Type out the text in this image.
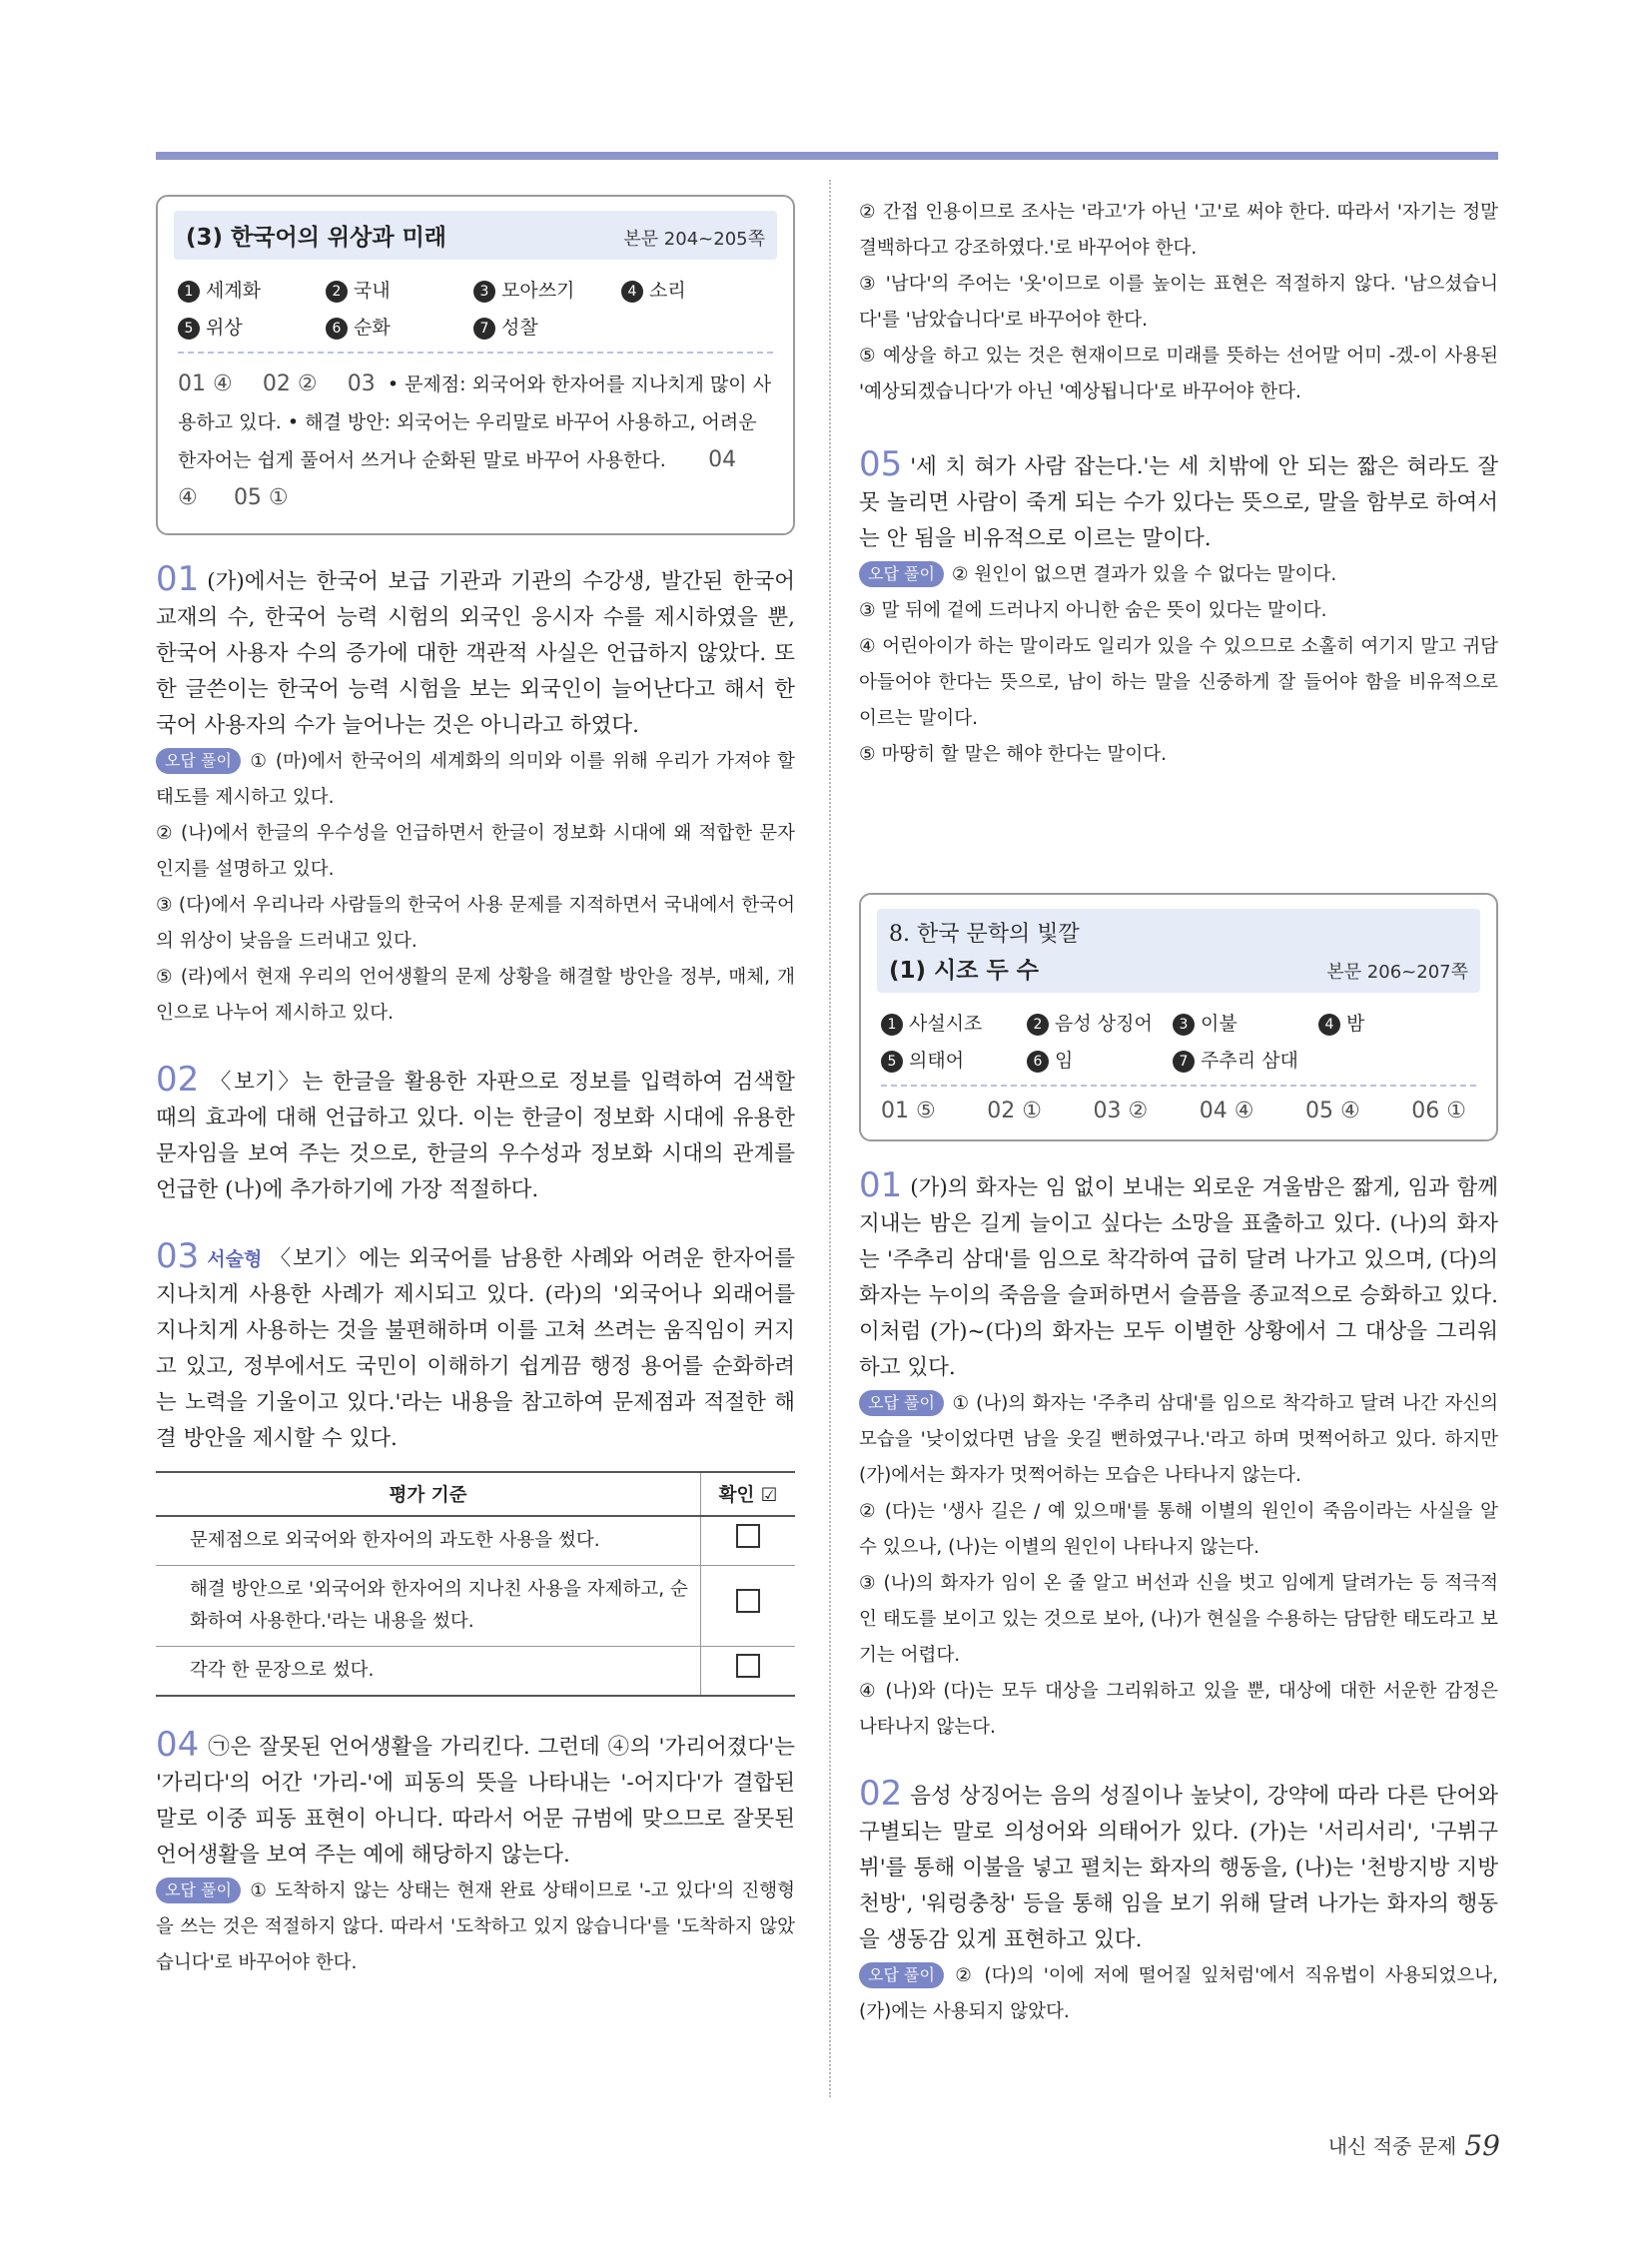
(3) 한국어의 위상과 미래	본문 204~205쪽
1 세계화	2 국내	3 모아쓰기	4 소리
5 위상	6 순화	7 성찰
01 ④ 02 ② 03 • 문제점: 외국어와 한자어를 지나치게 많이 사용하고 있다. • 해결 방안: 외국어는 우리말로 바꾸어 사용하고, 어려운 한자어는 쉽게 풀어서 쓰거나 순화된 말로 바꾸어 사용한다. 04 ④ 05 ①
01 (가)에서는 한국어 보급 기관과 기관의 수강생, 발간된 한국어 교재의 수, 한국어 능력 시험의 외국인 응시자 수를 제시하였을 뿐, 한국어 사용자 수의 증가에 대한 객관적 사실은 언급하지 않았다. 또한 글쓴이는 한국어 능력 시험을 보는 외국인이 늘어난다고 해서 한국어 사용자의 수가 늘어나는 것은 아니라고 하였다.
오답 풀이 ① (마)에서 한국어의 세계화의 의미와 이를 위해 우리가 가져야 할 태도를 제시하고 있다.
② (나)에서 한글의 우수성을 언급하면서 한글이 정보화 시대에 왜 적합한 문자인지를 설명하고 있다.
③ (다)에서 우리나라 사람들의 한국어 사용 문제를 지적하면서 국내에서 한국어의 위상이 낮음을 드러내고 있다.
⑤ (라)에서 현재 우리의 언어생활의 문제 상황을 해결할 방안을 정부, 매체, 개인으로 나누어 제시하고 있다.
02 〈보기〉는 한글을 활용한 자판으로 정보를 입력하여 검색할 때의 효과에 대해 언급하고 있다. 이는 한글이 정보화 시대에 유용한 문자임을 보여 주는 것으로, 한글의 우수성과 정보화 시대의 관계를 언급한 (나)에 추가하기에 가장 적절하다.
03 서술형 〈보기〉에는 외국어를 남용한 사례와 어려운 한자어를 지나치게 사용한 사례가 제시되고 있다. (라)의 '외국어나 외래어를 지나치게 사용하는 것을 불편해하며 이를 고쳐 쓰려는 움직임이 커지고 있고, 정부에서도 국민이 이해하기 쉽게끔 행정 용어를 순화하려는 노력을 기울이고 있다.'라는 내용을 참고하여 문제점과 적절한 해결 방안을 제시할 수 있다.
평가 기준	확인 ☑
문제점으로 외국어와 한자어의 과도한 사용을 썼다.	
해결 방안으로 '외국어와 한자어의 지나친 사용을 자제하고, 순화하여 사용한다.'라는 내용을 썼다.	
각각 한 문장으로 썼다.	
04 ㉠은 잘못된 언어생활을 가리킨다. 그런데 ④의 '가리어졌다'는 '가리다'의 어간 '가리-'에 피동의 뜻을 나타내는 '-어지다'가 결합된 말로 이중 피동 표현이 아니다. 따라서 어문 규범에 맞으므로 잘못된 언어생활을 보여 주는 예에 해당하지 않는다.
오답 풀이 ① 도착하지 않는 상태는 현재 완료 상태이므로 '-고 있다'의 진행형을 쓰는 것은 적절하지 않다. 따라서 '도착하고 있지 않습니다'를 '도착하지 않았습니다'로 바꾸어야 한다.
② 간접 인용이므로 조사는 '라고'가 아닌 '고'로 써야 한다. 따라서 '자기는 정말 결백하다고 강조하였다.'로 바꾸어야 한다.
③ '남다'의 주어는 '옷'이므로 이를 높이는 표현은 적절하지 않다. '남으셨습니다'를 '남았습니다'로 바꾸어야 한다.
⑤ 예상을 하고 있는 것은 현재이므로 미래를 뜻하는 선어말 어미 -겠-이 사용된 '예상되겠습니다'가 아닌 '예상됩니다'로 바꾸어야 한다.
05 '세 치 혀가 사람 잡는다.'는 세 치밖에 안 되는 짧은 혀라도 잘못 놀리면 사람이 죽게 되는 수가 있다는 뜻으로, 말을 함부로 하여서는 안 됨을 비유적으로 이르는 말이다.
오답 풀이 ② 원인이 없으면 결과가 있을 수 없다는 말이다.
③ 말 뒤에 겉에 드러나지 아니한 숨은 뜻이 있다는 말이다.
④ 어린아이가 하는 말이라도 일리가 있을 수 있으므로 소홀히 여기지 말고 귀담아들어야 한다는 뜻으로, 남이 하는 말을 신중하게 잘 들어야 함을 비유적으로 이르는 말이다.
⑤ 마땅히 할 말은 해야 한다는 말이다.
8. 한국 문학의 빛깔
(1) 시조 두 수	본문 206~207쪽
1 사설시조	2 음성 상징어	3 이불	4 밤
5 의태어	6 임	7 주추리 삼대
01 ⑤ 02 ① 03 ② 04 ④ 05 ④ 06 ①
01 (가)의 화자는 임 없이 보내는 외로운 겨울밤은 짧게, 임과 함께 지내는 밤은 길게 늘이고 싶다는 소망을 표출하고 있다. (나)의 화자는 '주추리 삼대'를 임으로 착각하여 급히 달려 나가고 있으며, (다)의 화자는 누이의 죽음을 슬퍼하면서 슬픔을 종교적으로 승화하고 있다. 이처럼 (가)~(다)의 화자는 모두 이별한 상황에서 그 대상을 그리워하고 있다.
오답 풀이 ① (나)의 화자는 '주추리 삼대'를 임으로 착각하고 달려 나간 자신의 모습을 '낮이었다면 남을 웃길 뻔하였구나.'라고 하며 멋쩍어하고 있다. 하지만 (가)에서는 화자가 멋쩍어하는 모습은 나타나지 않는다.
② (다)는 '생사 길은 / 예 있으매'를 통해 이별의 원인이 죽음이라는 사실을 알 수 있으나, (나)는 이별의 원인이 나타나지 않는다.
③ (나)의 화자가 임이 온 줄 알고 버선과 신을 벗고 임에게 달려가는 등 적극적인 태도를 보이고 있는 것으로 보아, (나)가 현실을 수용하는 담담한 태도라고 보기는 어렵다.
④ (나)와 (다)는 모두 대상을 그리워하고 있을 뿐, 대상에 대한 서운한 감정은 나타나지 않는다.
02 음성 상징어는 음의 성질이나 높낮이, 강약에 따라 다른 단어와 구별되는 말로 의성어와 의태어가 있다. (가)는 '서리서리', '구뷔구뷔'를 통해 이불을 넣고 펼치는 화자의 행동을, (나)는 '천방지방 지방천방', '워렁충창' 등을 통해 임을 보기 위해 달려 나가는 화자의 행동을 생동감 있게 표현하고 있다.
오답 풀이 ② (다)의 '이에 저에 떨어질 잎처럼'에서 직유법이 사용되었으나, (가)에는 사용되지 않았다.
내신 적중 문제 59
